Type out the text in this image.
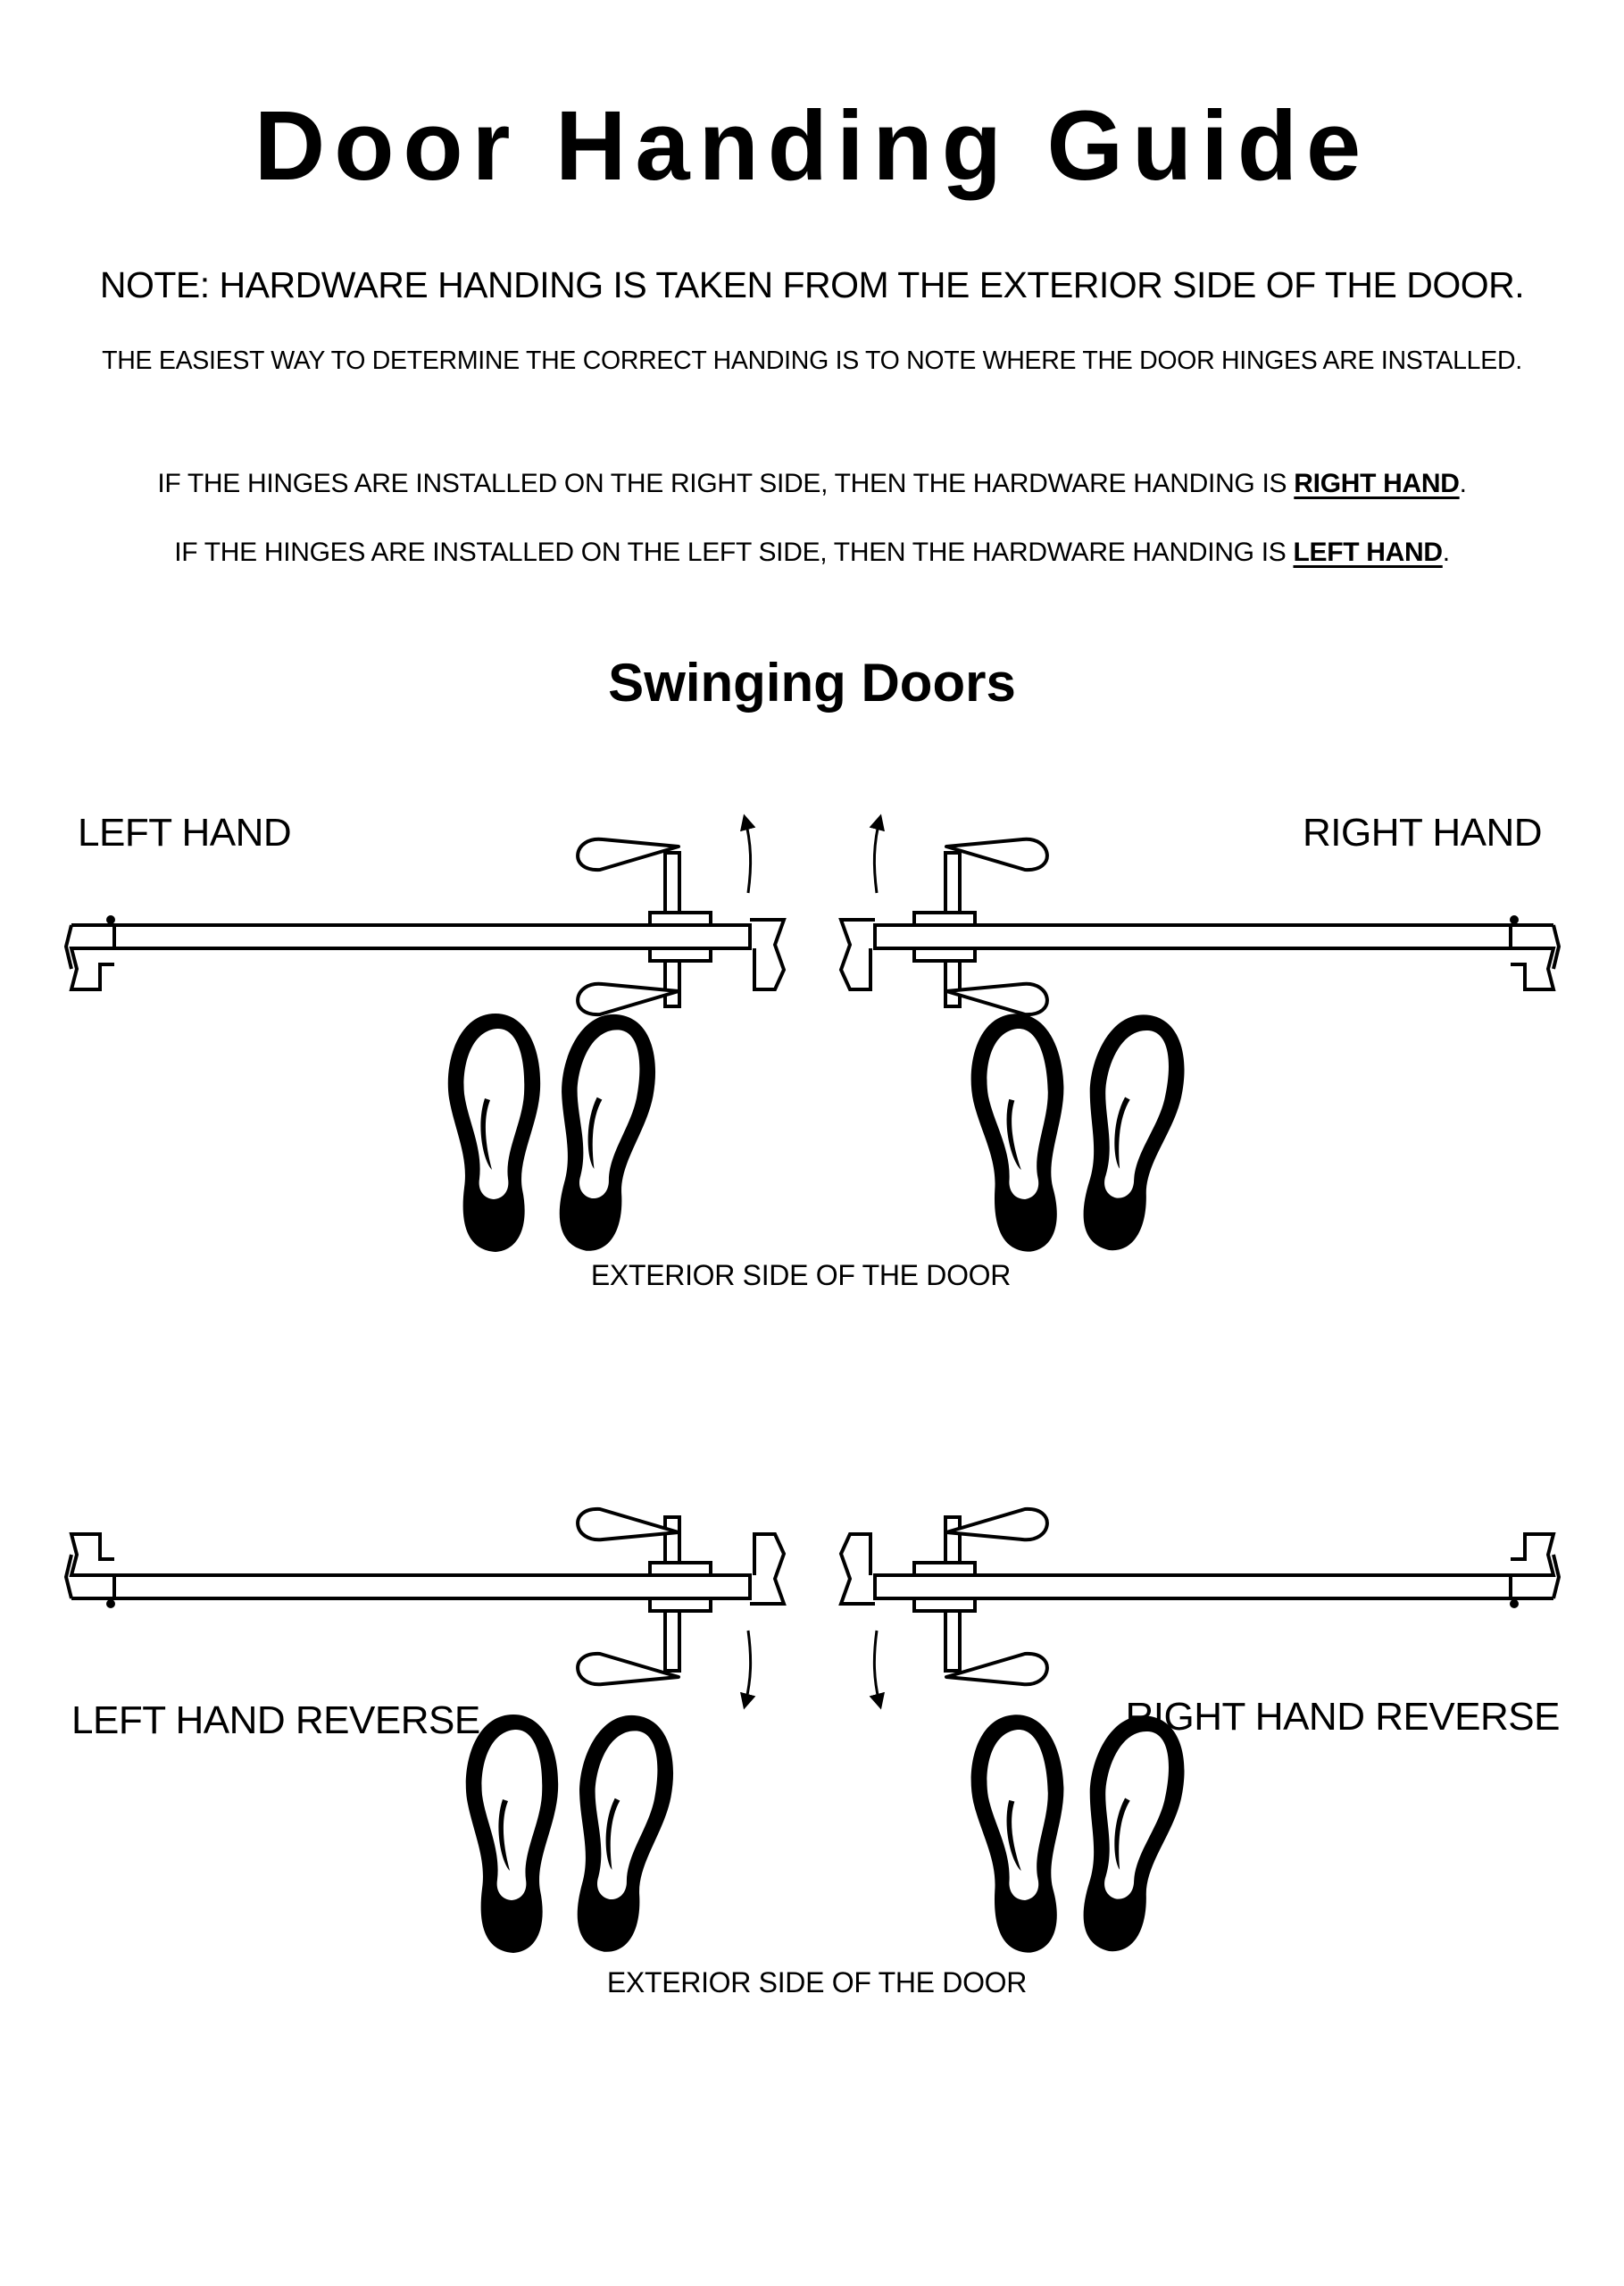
Door Handing Guide
NOTE: HARDWARE HANDING IS TAKEN FROM THE EXTERIOR SIDE OF THE DOOR.
THE EASIEST WAY TO DETERMINE THE CORRECT HANDING IS TO NOTE WHERE THE DOOR HINGES ARE INSTALLED.
IF THE HINGES ARE INSTALLED ON THE RIGHT SIDE, THEN THE HARDWARE HANDING IS RIGHT HAND.
IF THE HINGES ARE INSTALLED ON THE LEFT SIDE, THEN THE HARDWARE HANDING IS LEFT HAND.
Swinging Doors
LEFT HAND	RIGHT HAND
EXTERIOR SIDE OF THE DOOR
LEFT HAND REVERSE	RIGHT HAND REVERSE
EXTERIOR SIDE OF THE DOOR
